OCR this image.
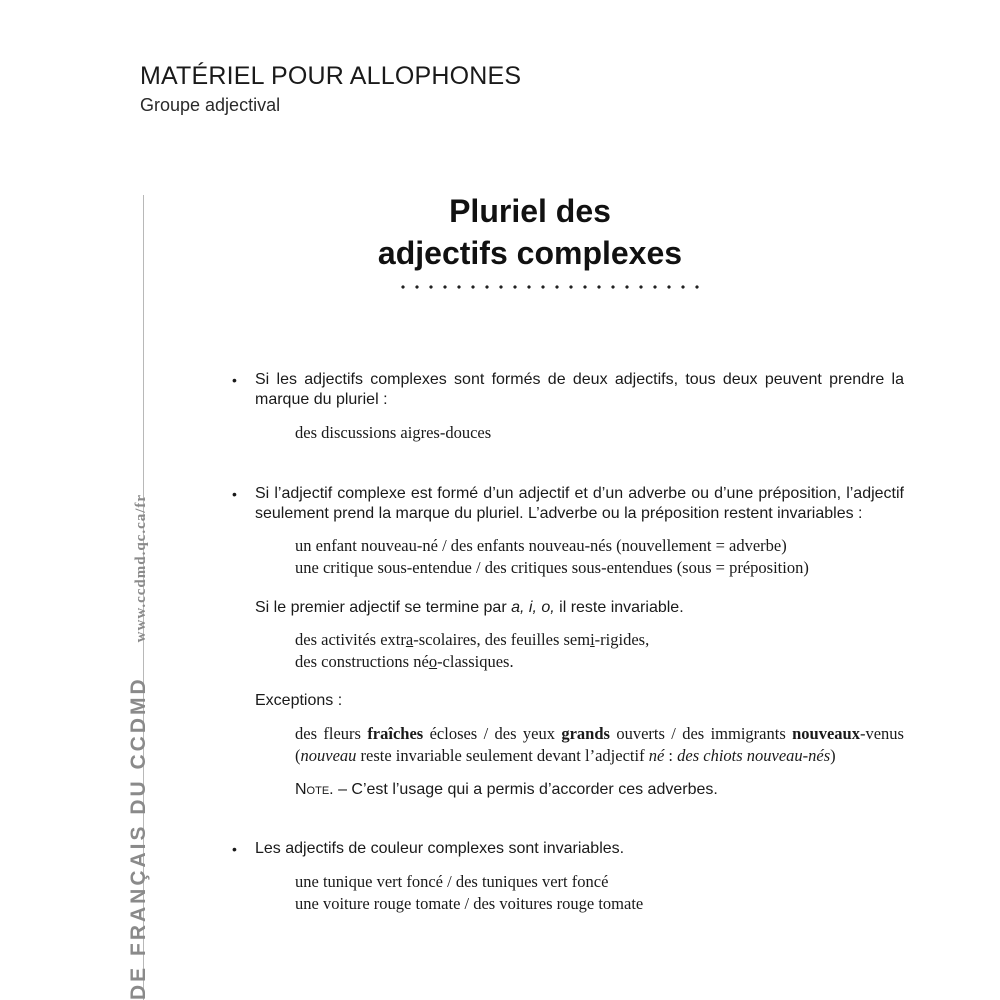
MATÉRIEL POUR ALLOPHONES
Groupe adjectival
DE FRANÇAIS DU CCDMDwww.ccdmd.qc.ca/fr
Pluriel des
adjectifs complexes
• Si les adjectifs complexes sont formés de deux adjectifs, tous deux peuvent prendre la marque du pluriel :
des discussions aigres-douces
• Si l’adjectif complexe est formé d’un adjectif et d’un adverbe ou d’une préposition, l’adjectif seulement prend la marque du pluriel. L’adverbe ou la préposition restent invariables :
un enfant nouveau-né / des enfants nouveau-nés (nouvellement = adverbe)
une critique sous-entendue / des critiques sous-entendues (sous = préposition)
Si le premier adjectif se termine par a, i, o, il reste invariable.
des activités extra-scolaires, des feuilles semi-rigides,
des constructions néo-classiques.
Exceptions :
des fleurs fraîches écloses / des yeux grands ouverts / des immigrants nouveaux-venus (nouveau reste invariable seulement devant l’adjectif né : des chiots nouveau-nés)
Note. – C’est l’usage qui a permis d’accorder ces adverbes.
• Les adjectifs de couleur complexes sont invariables.
une tunique vert foncé / des tuniques vert foncé
une voiture rouge tomate / des voitures rouge tomate
